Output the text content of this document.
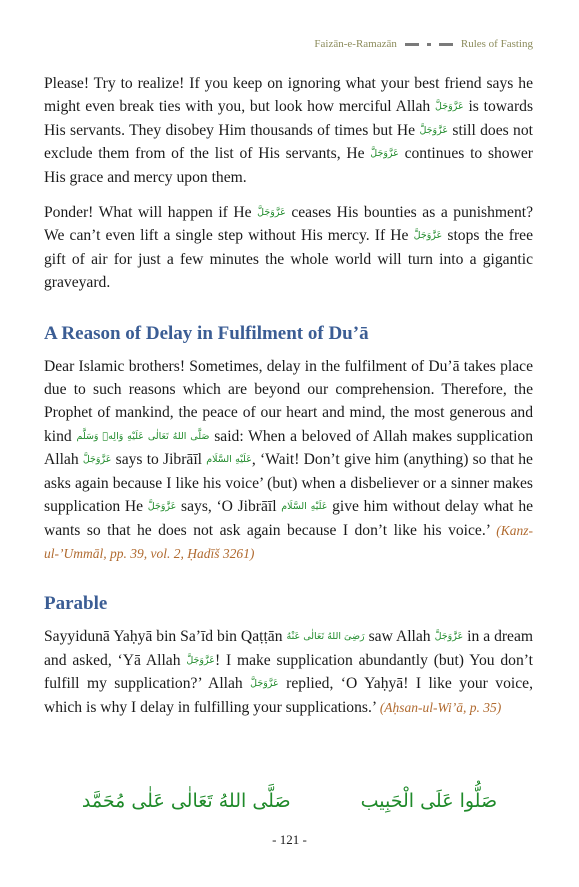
Faizān-e-Ramazān	Rules of Fasting

Please! Try to realize! If you keep on ignoring what your best friend says he might even break ties with you, but look how merciful Allah عَزَّوَجَلَّ is towards His servants. They disobey Him thousands of times but He عَزَّوَجَلَّ still does not exclude them from of the list of His servants, He عَزَّوَجَلَّ continues to shower His grace and mercy upon them.

Ponder! What will happen if He عَزَّوَجَلَّ ceases His bounties as a punishment? We can’t even lift a single step without His mercy. If He عَزَّوَجَلَّ stops the free gift of air for just a few minutes the whole world will turn into a gigantic graveyard.

A Reason of Delay in Fulfilment of Du’ā

Dear Islamic brothers! Sometimes, delay in the fulfilment of Du’ā takes place due to such reasons which are beyond our comprehension. Therefore, the Prophet of mankind, the peace of our heart and mind, the most generous and kind صَلَّى اللهُ تَعَالٰى عَلَيْهِ وَالِهٖ وَسَلَّم said: When a beloved of Allah makes supplication Allah عَزَّوَجَلَّ says to Jibrāīl عَلَيْهِ السَّلَام, ‘Wait! Don’t give him (anything) so that he asks again because I like his voice’ (but) when a disbeliever or a sinner makes supplication He عَزَّوَجَلَّ says, ‘O Jibrāīl عَلَيْهِ السَّلَام give him without delay what he wants so that he does not ask again because I don’t like his voice.’ (Kanz-ul-’Ummāl, pp. 39, vol. 2, Ḥadīš 3261)

Parable

Sayyidunā Yaḥyā bin Sa’īd bin Qaṭṭān رَضِىَ اللهُ تَعَالٰى عَنْهُ saw Allah عَزَّوَجَلَّ in a dream and asked, ‘Yā Allah عَزَّوَجَلَّ! I make supplication abundantly (but) You don’t fulfill my supplication?’ Allah عَزَّوَجَلَّ replied, ‘O Yaḥyā! I like your voice, which is why I delay in fulfilling your supplications.’ (Aḥsan-ul-Wi’ā, p. 35)

صَلُّوا عَلَى الْحَبِيب
صَلَّى اللهُ تَعَالٰى عَلٰى مُحَمَّد
- 121 -
